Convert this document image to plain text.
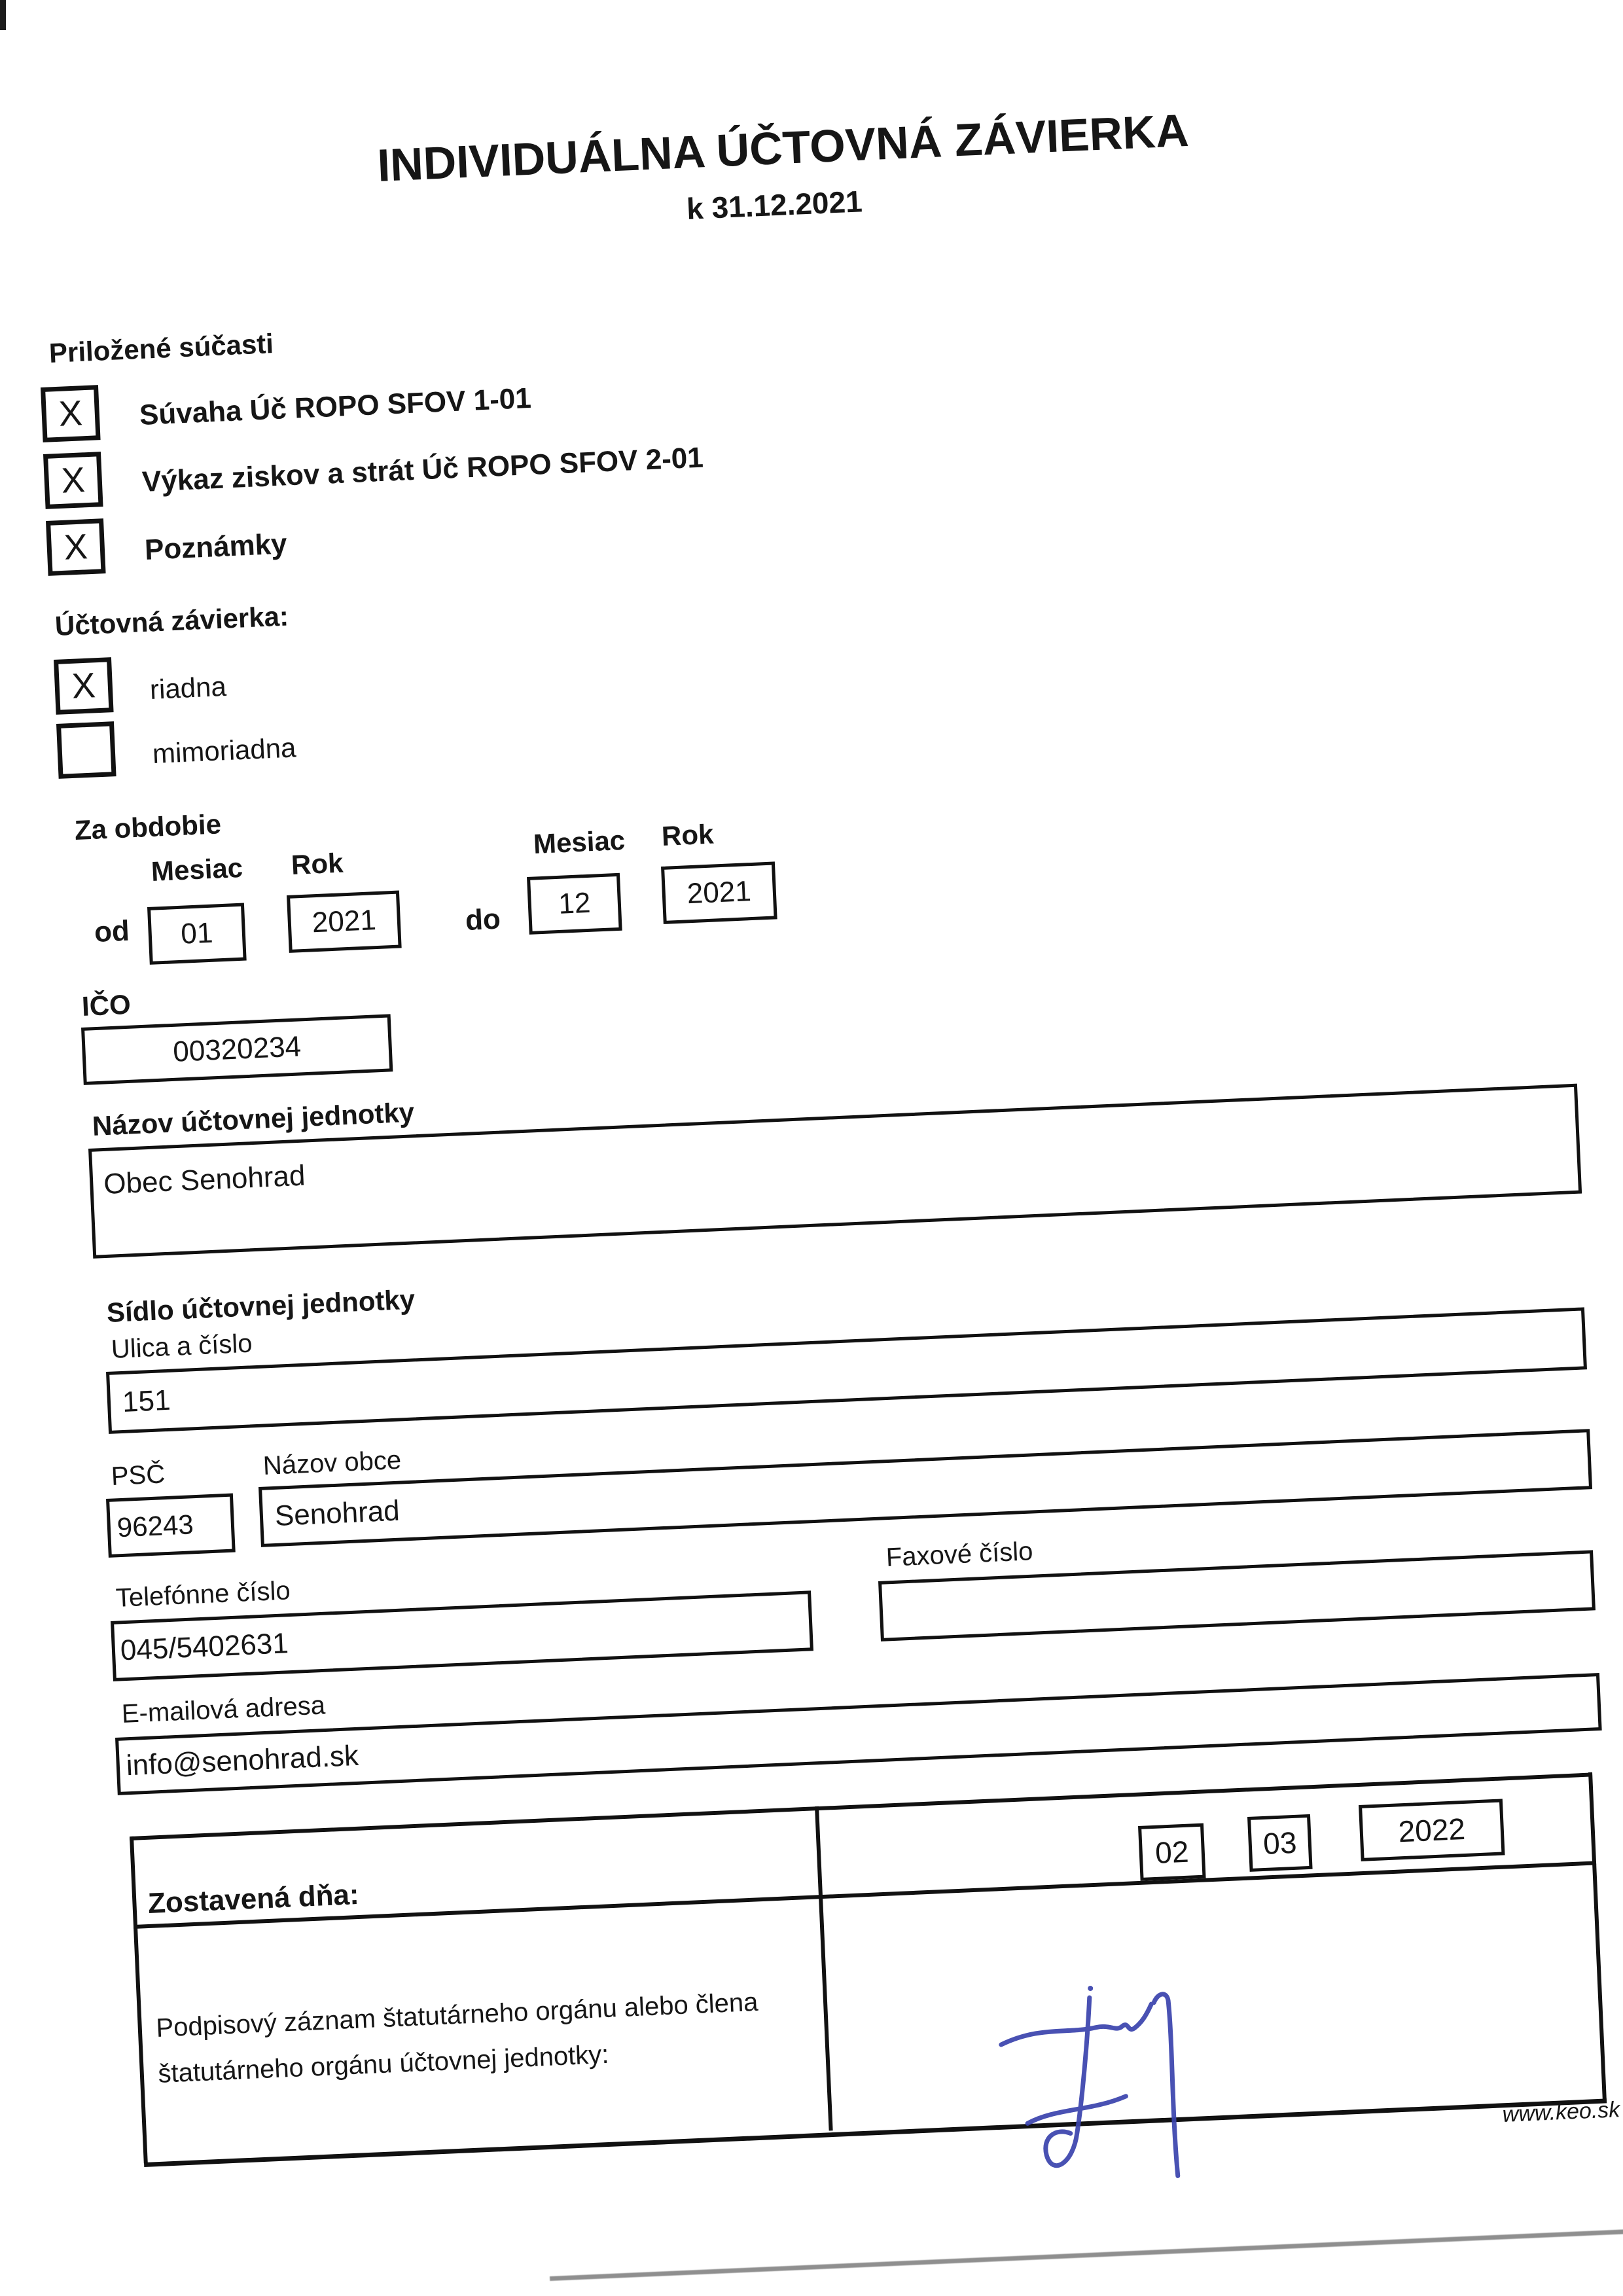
INDIVIDUÁLNA ÚČTOVNÁ ZÁVIERKA
k 31.12.2021
Priložené súčasti
X Súvaha Úč ROPO SFOV 1-01
X Výkaz ziskov a strát Úč ROPO SFOV 2-01
X Poznámky
Účtovná závierka:
X riadna
mimoriadna
Za obdobie
Mesiac Rok
od 01	2021	do
Mesiac Rok
12	2021
IČO
00320234
Názov účtovnej jednotky
Obec Senohrad
Sídlo účtovnej jednotky
Ulica a číslo
151
PSČ	Názov obce
96243	Senohrad
Faxové číslo
Telefónne číslo
045/5402631
E-mailová adresa
info@senohrad.sk
Zostavená dňa:
02 03	2022
Podpisový záznam štatutárneho orgánu alebo člena
štatutárneho orgánu účtovnej jednotky:
www.keo.sk
